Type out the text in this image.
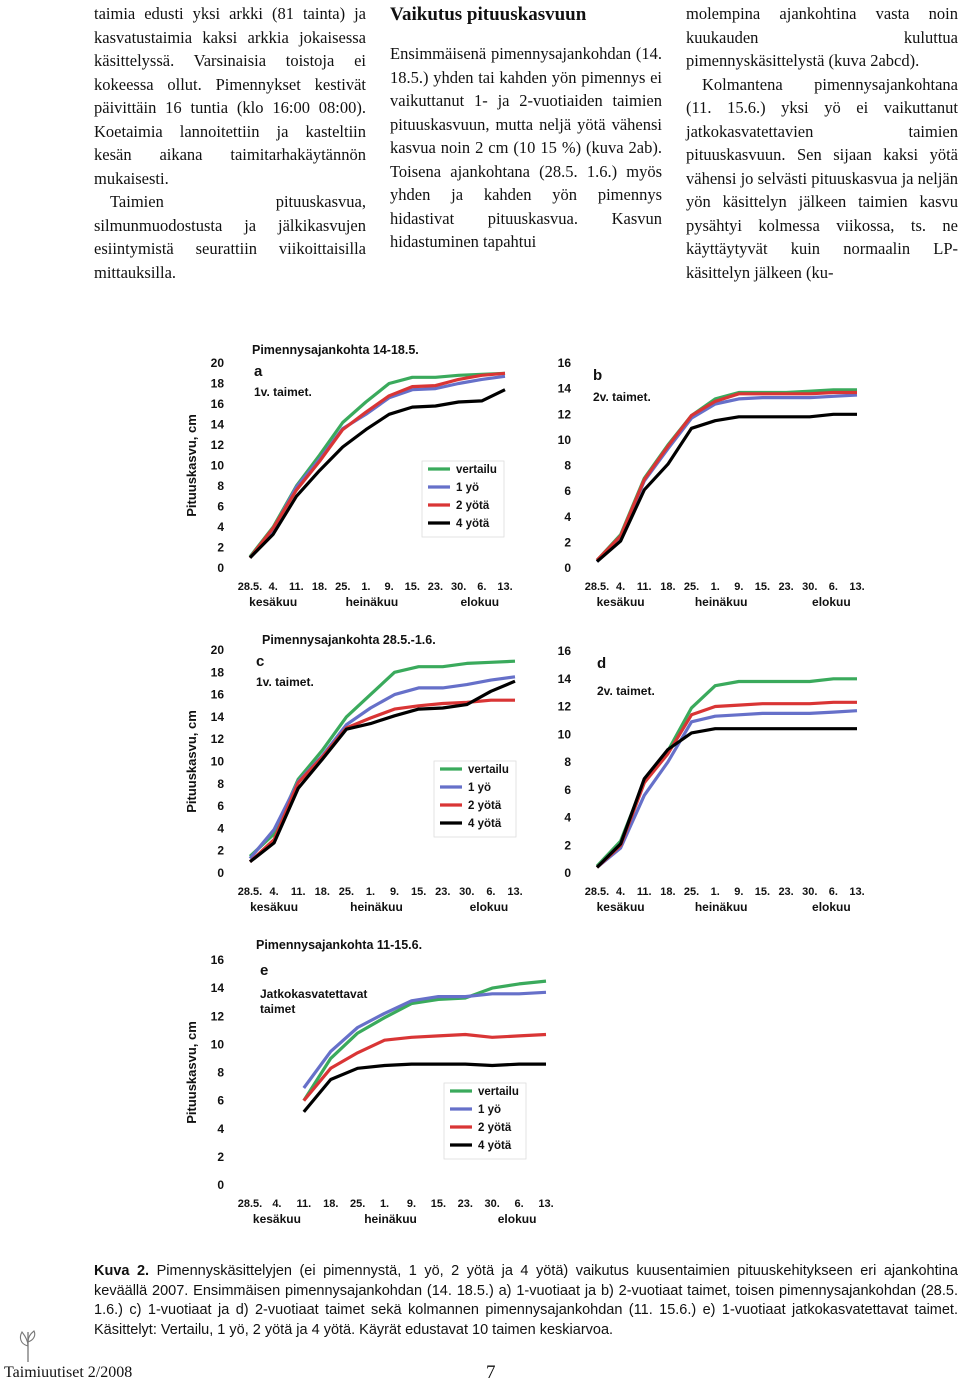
taimia edusti yksi arkki (81 tainta) ja kasvatustaimia kaksi arkkia jokaisessa käsittelyssä. Varsinaisia toistoja ei kokeessa ollut. Pimennykset kestivät päivittäin 16 tuntia (klo 16:00 08:00). Koetaimia lannoitettiin ja kasteltiin kesän aikana taimitarhakäytännön mukaisesti.

Taimien pituuskasvua, silmunmuodostusta ja jälkikasvujen esiintymistä seurattiin viikoittaisilla mittauksilla.

Vaikutus pituuskasvuun

Ensimmäisenä pimennysajankohdan (14. 18.5.) yhden tai kahden yön pimennys ei vaikuttanut 1- ja 2-vuotiaiden taimien pituuskasvuun, mutta neljä yötä vähensi kasvua noin 2 cm (10 15 %) (kuva 2ab). Toisena ajankohtana (28.5. 1.6.) myös yhden ja kahden yön pimennys hidastivat pituuskasvua. Kasvun hidastuminen tapahtui

molempina ajankohtina vasta noin kuukauden kuluttua pimennyskäsittelystä (kuva 2abcd).

Kolmantena pimennysajankohtana (11. 15.6.) yksi yö ei vaikuttanut jatkokasvatettavien taimien pituuskasvuun. Sen sijaan kaksi yötä vähensi jo selvästi pituuskasvua ja neljän yön käsittelyn jälkeen taimien kasvu pysähtyi kolmessa viikossa, ts. ne käyttäytyvät kuin normaalin LP-käsittelyn jälkeen (ku-

0
2
4
6
8
10
12
14
16
18
20
28.5. 4. 11. 18. 25. 1. 9. 15. 23. 30. 6. 13.
kesäkuu	heinäkuu	elokuu
Pituuskasvu, cm
Pimennysajankohta 14-18.5.
a
1v. taimet.
vertailu
1 yö
2 yötä
4 yötä
0
2
4
6
8
10
12
14
16
28.5. 4. 11. 18. 25. 1. 9. 15. 23. 30. 6. 13.
kesäkuu	heinäkuu	elokuu
b
2v. taimet.
0
2
4
6
8
10
12
14
16
18
20
28.5. 4. 11. 18. 25. 1. 9. 15. 23. 30. 6. 13.
kesäkuu	heinäkuu	elokuu
Pituuskasvu, cm
Pimennysajankohta 28.5.-1.6.
c
1v. taimet.
vertailu
1 yö
2 yötä
4 yötä
0
2
4
6
8
10
12
14
16
28.5. 4. 11. 18. 25. 1. 9. 15. 23. 30. 6. 13.
kesäkuu	heinäkuu	elokuu
d
2v. taimet.
0
2
4
6
8
10
12
14
16
28.5. 4. 11. 18. 25. 1. 9. 15. 23. 30. 6. 13.
kesäkuu	heinäkuu	elokuu
Pituuskasvu, cm
Pimennysajankohta 11-15.6.
e
Jatkokasvatettavat
taimet
vertailu
1 yö
2 yötä
4 yötä
Kuva 2. Pimennyskäsittelyjen (ei pimennystä, 1 yö, 2 yötä ja 4 yötä) vaikutus kuusentaimien pituuskehitykseen eri ajankohtina keväällä 2007. Ensimmäisen pimennysajankohdan (14. 18.5.) a) 1-vuotiaat ja b) 2-vuotiaat taimet, toisen pimennysajankohdan (28.5. 1.6.) c) 1-vuotiaat ja d) 2-vuotiaat taimet sekä kolmannen pimennysajankohdan (11. 15.6.) e) 1-vuotiaat jatkokasvatettavat taimet. Käsittelyt: Vertailu, 1 yö, 2 yötä ja 4 yötä. Käyrät edustavat 10 taimen keskiarvoa.
Taimiuutiset 2/2008	7
